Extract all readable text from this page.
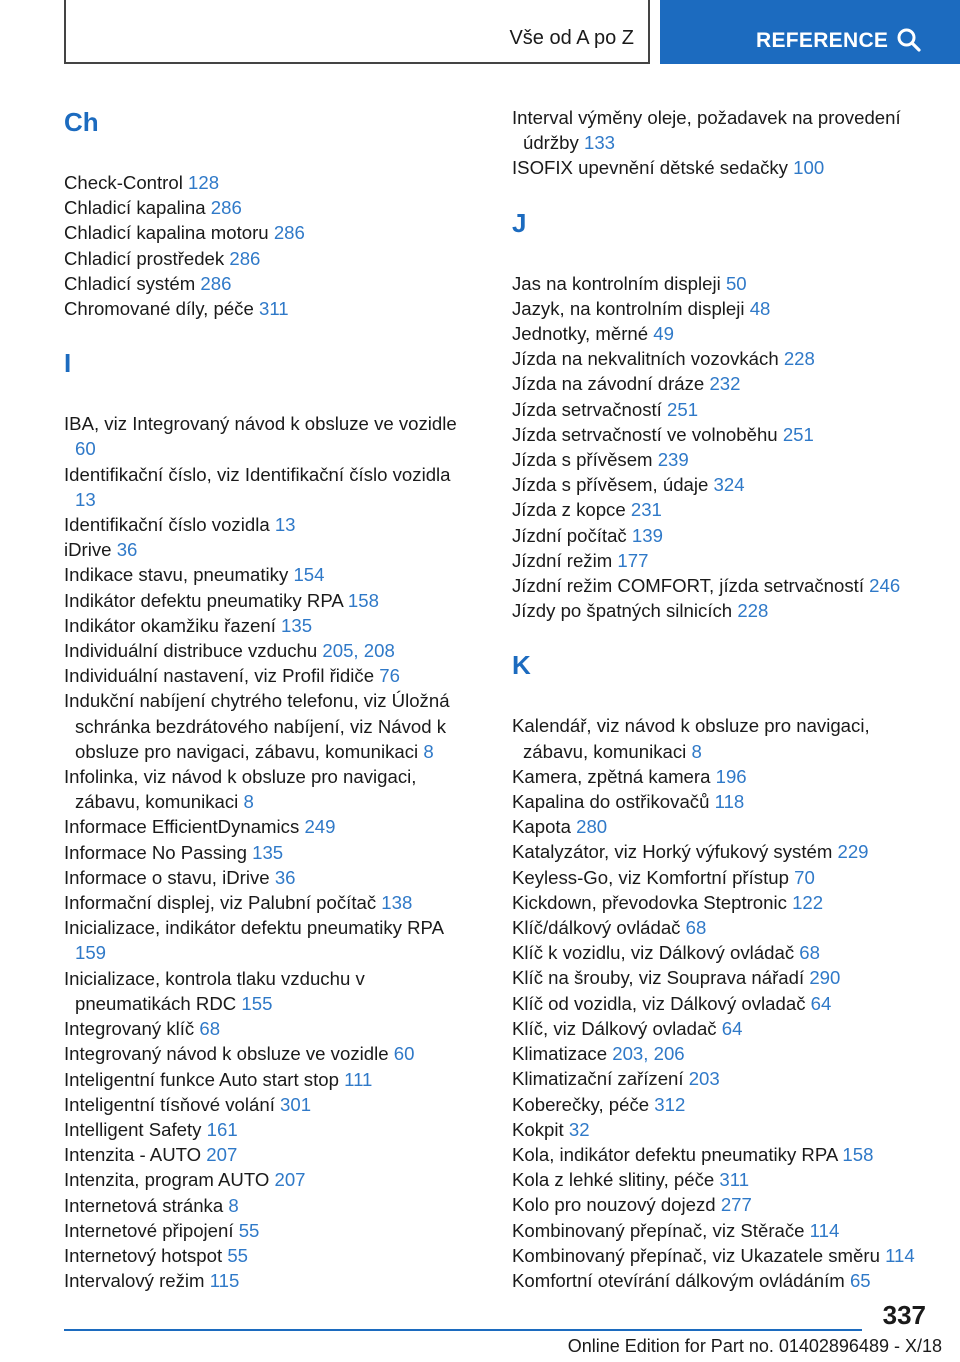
Vše od A po Z	REFERENCE
Ch
Check-Control 128
Chladicí kapalina 286
Chladicí kapalina motoru 286
Chladicí prostředek 286
Chladicí systém 286
Chromované díly, péče 311
I
IBA, viz Integrovaný návod k obsluze ve vozidle 60
Identifikační číslo, viz Identifikační číslo vozidla 13
Identifikační číslo vozidla 13
iDrive 36
Indikace stavu, pneumatiky 154
Indikátor defektu pneumatiky RPA 158
Indikátor okamžiku řazení 135
Individuální distribuce vzduchu 205, 208
Individuální nastavení, viz Profil řidiče 76
Indukční nabíjení chytrého telefonu, viz Úložná schránka bezdrátového nabíjení, viz Návod k obsluze pro navigaci, zábavu, komunikaci 8
Infolinka, viz návod k obsluze pro navigaci, zábavu, komunikaci 8
Informace EfficientDynamics 249
Informace No Passing 135
Informace o stavu, iDrive 36
Informační displej, viz Palubní počítač 138
Inicializace, indikátor defektu pneumatiky RPA 159
Inicializace, kontrola tlaku vzduchu v pneumatikách RDC 155
Integrovaný klíč 68
Integrovaný návod k obsluze ve vozidle 60
Inteligentní funkce Auto start stop 111
Inteligentní tísňové volání 301
Intelligent Safety 161
Intenzita - AUTO 207
Intenzita, program AUTO 207
Internetová stránka 8
Internetové připojení 55
Internetový hotspot 55
Intervalový režim 115
Interval výměny oleje, požadavek na provedení údržby 133
ISOFIX upevnění dětské sedačky 100
J
Jas na kontrolním displeji 50
Jazyk, na kontrolním displeji 48
Jednotky, měrné 49
Jízda na nekvalitních vozovkách 228
Jízda na závodní dráze 232
Jízda setrvačností 251
Jízda setrvačností ve volnoběhu 251
Jízda s přívěsem 239
Jízda s přívěsem, údaje 324
Jízda z kopce 231
Jízdní počítač 139
Jízdní režim 177
Jízdní režim COMFORT, jízda setrvačností 246
Jízdy po špatných silnicích 228
K
Kalendář, viz návod k obsluze pro navigaci, zábavu, komunikaci 8
Kamera, zpětná kamera 196
Kapalina do ostřikovačů 118
Kapota 280
Katalyzátor, viz Horký výfukový systém 229
Keyless-Go, viz Komfortní přístup 70
Kickdown, převodovka Steptronic 122
Klíč/dálkový ovládač 68
Klíč k vozidlu, viz Dálkový ovládač 68
Klíč na šrouby, viz Souprava nářadí 290
Klíč od vozidla, viz Dálkový ovladač 64
Klíč, viz Dálkový ovladač 64
Klimatizace 203, 206
Klimatizační zařízení 203
Koberečky, péče 312
Kokpit 32
Kola, indikátor defektu pneumatiky RPA 158
Kola z lehké slitiny, péče 311
Kolo pro nouzový dojezd 277
Kombinovaný přepínač, viz Stěrače 114
Kombinovaný přepínač, viz Ukazatele směru 114
Komfortní otevírání dálkovým ovládáním 65
337
Online Edition for Part no. 01402896489 - X/18
